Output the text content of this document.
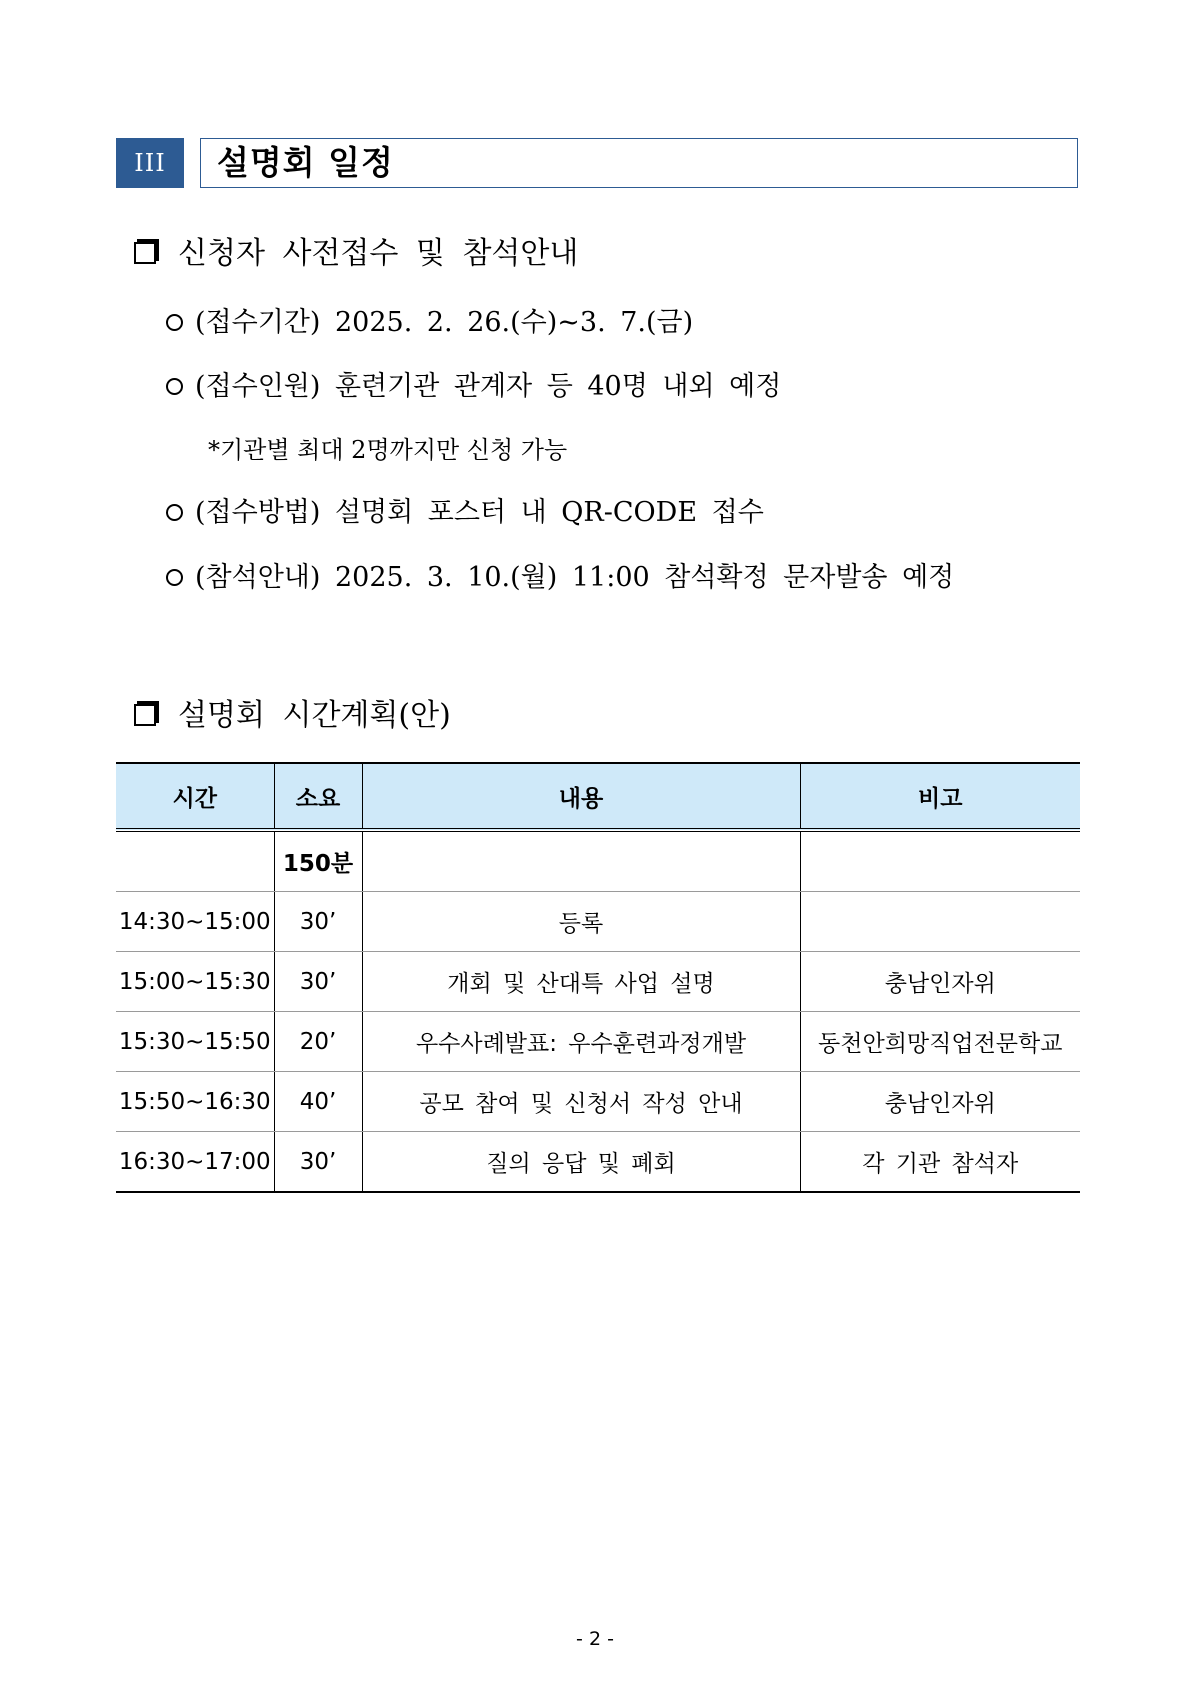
III	설명회 일정
신청자 사전접수 및 참석안내
(접수기간) 2025. 2. 26.(수)~3. 7.(금)
(접수인원) 훈련기관 관계자 등 40명 내외 예정
*기관별 최대 2명까지만 신청 가능
(접수방법) 설명회 포스터 내 QR-CODE 접수
(참석안내) 2025. 3. 10.(월) 11:00 참석확정 문자발송 예정
설명회 시간계획(안)
시간	소요	내용	비고
	150분		
14:30~15:00	30’	등록	
15:00~15:30	30’	개회 및 산대특 사업 설명	충남인자위
15:30~15:50	20’	우수사례발표: 우수훈련과정개발	동천안희망직업전문학교
15:50~16:30	40’	공모 참여 및 신청서 작성 안내	충남인자위
16:30~17:00	30’	질의 응답 및 폐회	각 기관 참석자
- 2 -
